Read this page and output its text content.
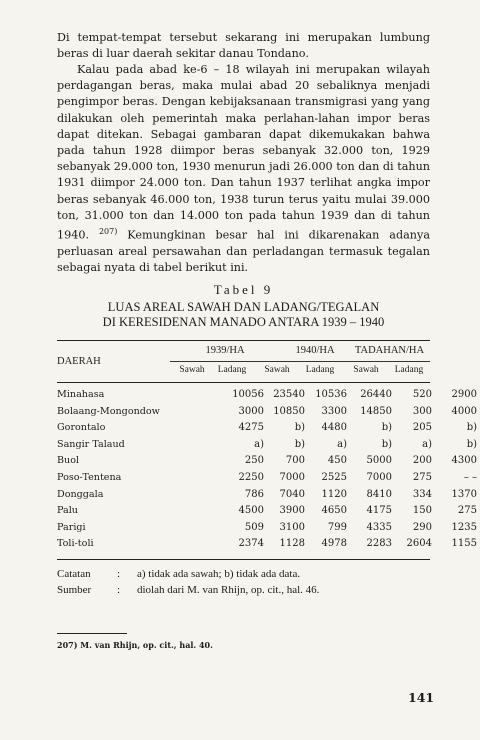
Di tempat-tempat tersebut sekarang ini merupakan lumbung beras di luar daerah sekitar danau Tondano.

Kalau pada abad ke-6 – 18 wilayah ini merupakan wilayah perdagangan beras, maka mulai abad 20 sebaliknya menjadi pengimpor beras. Dengan kebijaksanaan transmigrasi yang yang dilakukan oleh pemerintah maka perlahan-lahan impor beras dapat ditekan. Sebagai gambaran dapat dikemukakan bahwa pada tahun 1928 diimpor beras sebanyak 32.000 ton, 1929 sebanyak 29.000 ton, 1930 menurun jadi 26.000 ton dan di tahun 1931 diimpor 24.000 ton. Dan tahun 1937 terlihat angka impor beras sebanyak 46.000 ton, 1938 turun terus yaitu mulai 39.000 ton, 31.000 ton dan 14.000 ton pada tahun 1939 dan di tahun 1940. $^{207)}$ Kemungkinan besar hal ini dikarenakan adanya perluasan areal persawahan dan perladangan termasuk tegalan sebagai nyata di tabel berikut ini.

Tabel 9
LUAS AREAL SAWAH DAN LADANG/TEGALAN
DI KERESIDENAN MANADO ANTARA 1939 – 1940
DAERAH
1939/HA	1940/HA	TADAHAN/HA
Sawah	Ladang	Sawah	Ladang	Sawah	Ladang
Minahasa	10056 23540 10536 26440 520 2900
Bolaang-Mongondow	3000 10850 3300 14850 300 4000
Gorontalo	4275	b) 4480	b) 205	b)
Sangir Talaud	a)	b)	a)	b)	a)	b)
Buol	250 700 450 5000 200 4300
Poso-Tentena	2250 7000 2525 7000 275	– –
Donggala	786 7040 1120 8410 334 1370
Palu	4500 3900 4650 4175 150	275
Parigi	509 3100 799 4335 290 1235
Toli-toli	2374 1128 4978 2283 2604 1155
Catatan : a) tidak ada sawah; b) tidak ada data.
Sumber : diolah dari M. van Rhijn, op. cit., hal. 46.
207) M. van Rhijn, op. cit., hal. 40.
141
